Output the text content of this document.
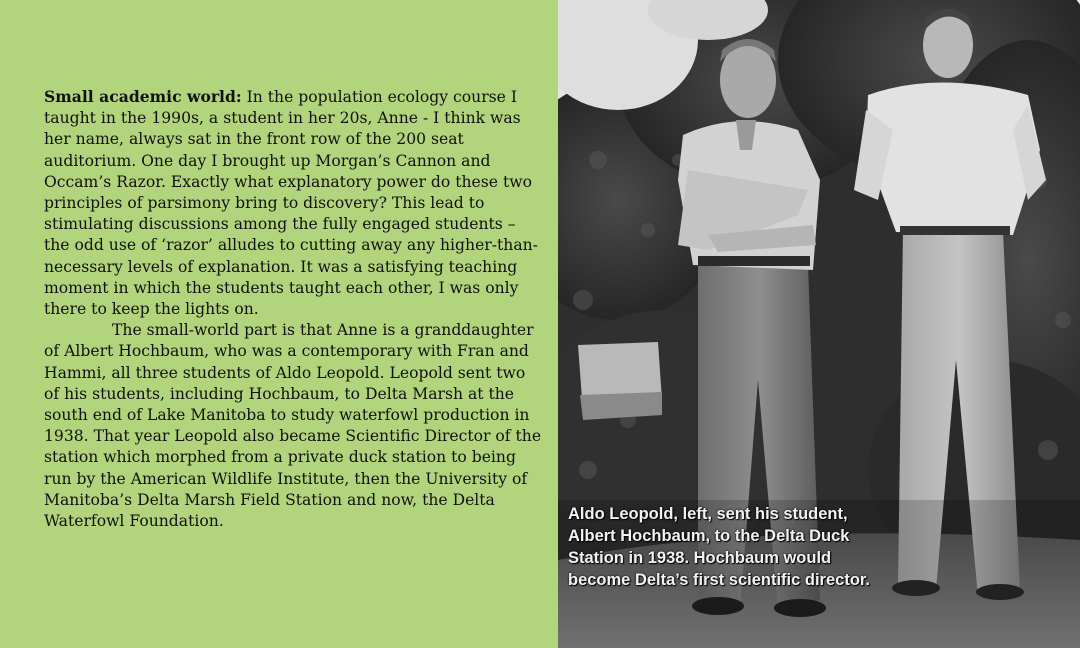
Small academic world: In the population ecology course I taught in the 1990s, a student in her 20s, Anne - I think was her name, always sat in the front row of the 200 seat auditorium. One day I brought up Morgan’s Cannon and Occam’s Razor. Exactly what explanatory power do these two principles of parsimony bring to discovery? This lead to stimulating discussions among the fully engaged students – the odd use of ‘razor’ alludes to cutting away any higher-than-necessary levels of explanation. It was a satisfying teaching moment in which the students taught each other, I was only there to keep the lights on.

The small-world part is that Anne is a granddaughter of Albert Hochbaum, who was a contemporary with Fran and Hammi, all three students of Aldo Leopold. Leopold sent two of his students, including Hochbaum, to Delta Marsh at the south end of Lake Manitoba to study waterfowl production in 1938. That year Leopold also became Scientific Director of the station which morphed from a private duck station to being run by the American Wildlife Institute, then the University of Manitoba’s Delta Marsh Field Station and now, the Delta Waterfowl Foundation.	Aldo Leopold, left, sent his student,
Albert Hochbaum, to the Delta Duck
Station in 1938. Hochbaum would
become Delta’s first scientific director.
